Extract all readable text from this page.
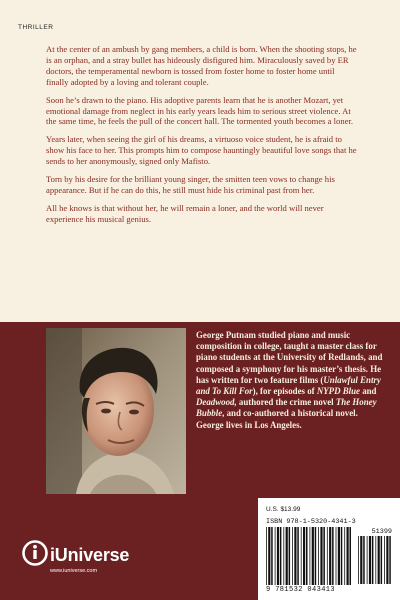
THRILLER

At the center of an ambush by gang members, a child is born. When the shooting stops, he is an orphan, and a stray bullet has hideously disfigured him. Miraculously saved by ER doctors, the temperamental newborn is tossed from foster home to foster home until finally adopted by a loving and tolerant couple.

Soon he’s drawn to the piano. His adoptive parents learn that he is another Mozart, yet emotional damage from neglect in his early years leads him to serious street violence. At the same time, he feels the pull of the concert hall. The tormented youth becomes a loner.

Years later, when seeing the girl of his dreams, a virtuoso voice student, he is afraid to show his face to her. This prompts him to compose hauntingly beautiful love songs that he sends to her anonymously, signed only Mafisto.

Torn by his desire for the brilliant young singer, the smitten teen vows to change his appearance. But if he can do this, he still must hide his criminal past from her.

All he knows is that without her, he will remain a loner, and the world will never experience his musical genius.

George Putnam studied piano and music composition in college, taught a master class for piano students at the University of Redlands, and composed a symphony for his master’s thesis. He has written for two feature films (Unlawful Entry and To Kill For), for episodes of NYPD Blue and Deadwood, authored the crime novel The Honey Bubble, and co-authored a historical novel. George lives in Los Angeles.
U.S. $13.99
ISBN 978-1-5320-4341-3
51399
9 781532 043413
iUniverse
www.iuniverse.com
